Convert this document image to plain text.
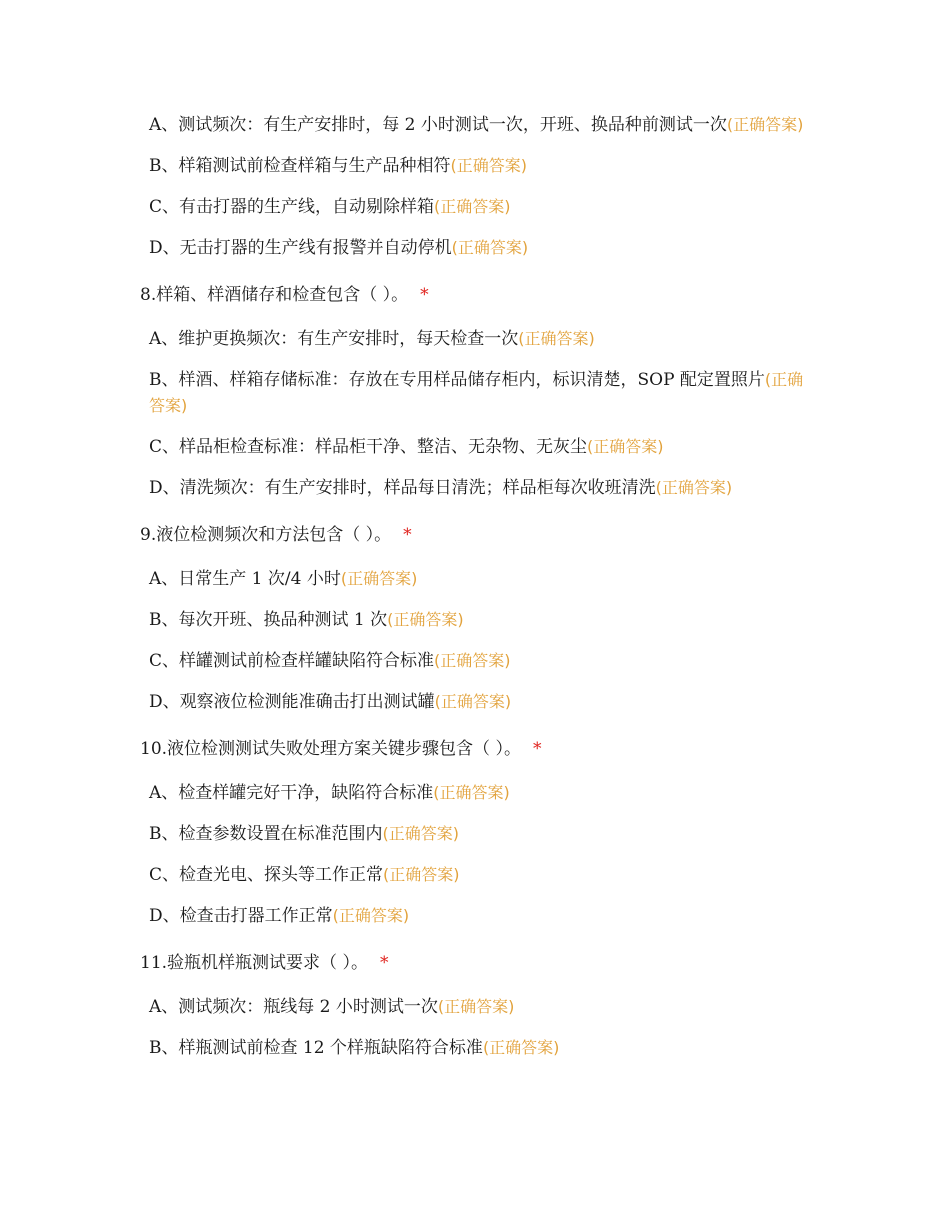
A、测试频次：有生产安排时，每 2 小时测试一次，开班、换品种前测试一次(正确答案)
B、样箱测试前检查样箱与生产品种相符(正确答案)
C、有击打器的生产线，自动剔除样箱(正确答案)
D、无击打器的生产线有报警并自动停机(正确答案)
8.样箱、样酒储存和检查包含（ ）。 *
A、维护更换频次：有生产安排时，每天检查一次(正确答案)
B、样酒、样箱存储标准：存放在专用样品储存柜内，标识清楚，SOP 配定置照片(正确答案)
C、样品柜检查标准：样品柜干净、整洁、无杂物、无灰尘(正确答案)
D、清洗频次：有生产安排时，样品每日清洗；样品柜每次收班清洗(正确答案)
9.液位检测频次和方法包含（ ）。 *
A、日常生产 1 次/4 小时(正确答案)
B、每次开班、换品种测试 1 次(正确答案)
C、样罐测试前检查样罐缺陷符合标准(正确答案)
D、观察液位检测能准确击打出测试罐(正确答案)
10.液位检测测试失败处理方案关键步骤包含（ ）。 *
A、检查样罐完好干净，缺陷符合标准(正确答案)
B、检查参数设置在标准范围内(正确答案)
C、检查光电、探头等工作正常(正确答案)
D、检查击打器工作正常(正确答案)
11.验瓶机样瓶测试要求（ ）。 *
A、测试频次：瓶线每 2 小时测试一次(正确答案)
B、样瓶测试前检查 12 个样瓶缺陷符合标准(正确答案)
